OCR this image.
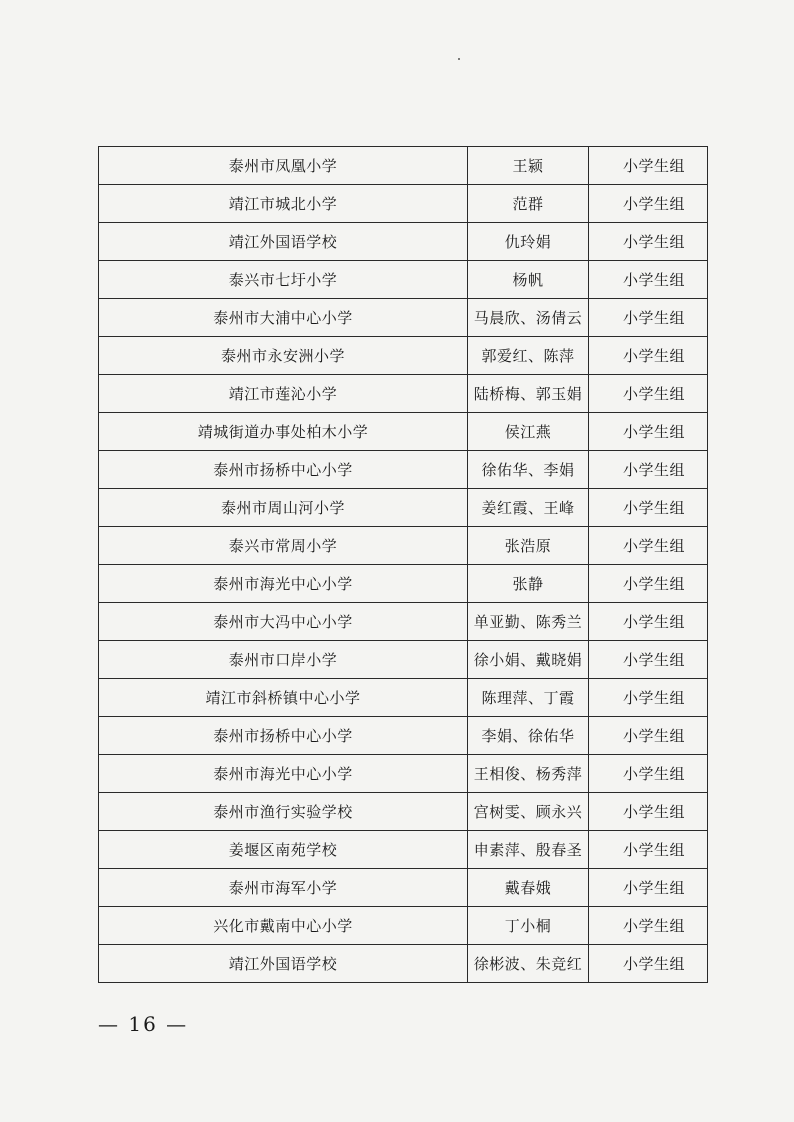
泰州市凤凰小学	王颍	小学生组
靖江市城北小学	范群	小学生组
靖江外国语学校	仇玲娟	小学生组
泰兴市七圩小学	杨帆	小学生组
泰州市大浦中心小学	马晨欣、汤倩云	小学生组
泰州市永安洲小学	郭爱红、陈萍	小学生组
靖江市莲沁小学	陆桥梅、郭玉娟	小学生组
靖城街道办事处柏木小学	侯江燕	小学生组
泰州市扬桥中心小学	徐佑华、李娟	小学生组
泰州市周山河小学	姜红霞、王峰	小学生组
泰兴市常周小学	张浩原	小学生组
泰州市海光中心小学	张静	小学生组
泰州市大冯中心小学	单亚勤、陈秀兰	小学生组
泰州市口岸小学	徐小娟、戴晓娟	小学生组
靖江市斜桥镇中心小学	陈理萍、丁霞	小学生组
泰州市扬桥中心小学	李娟、徐佑华	小学生组
泰州市海光中心小学	王相俊、杨秀萍	小学生组
泰州市渔行实验学校	宫树雯、顾永兴	小学生组
姜堰区南苑学校	申素萍、殷春圣	小学生组
泰州市海军小学	戴春娥	小学生组
兴化市戴南中心小学	丁小桐	小学生组
靖江外国语学校	徐彬波、朱竞红	小学生组
— 16 —
